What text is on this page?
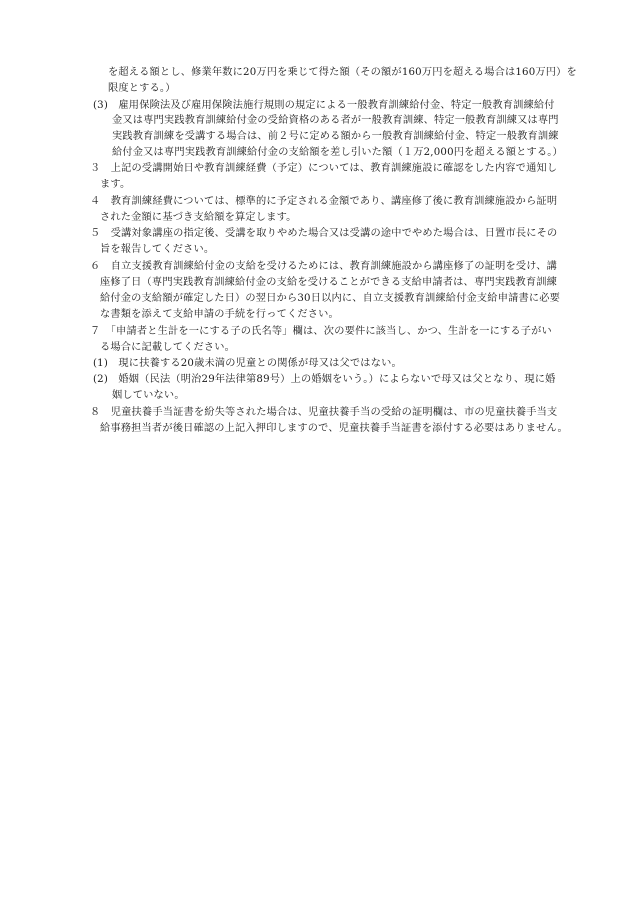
を超える額とし、修業年数に20万円を乗じて得た額（その額が160万円を超える場合は160万円）を
限度とする。）
(3)　雇用保険法及び雇用保険法施行規則の規定による一般教育訓練給付金、特定一般教育訓練給付
金又は専門実践教育訓練給付金の受給資格のある者が一般教育訓練、特定一般教育訓練又は専門
実践教育訓練を受講する場合は、前２号に定める額から一般教育訓練給付金、特定一般教育訓練
給付金又は専門実践教育訓練給付金の支給額を差し引いた額（１万2,000円を超える額とする。）
３　上記の受講開始日や教育訓練経費（予定）については、教育訓練施設に確認をした内容で通知し
ます。
４　教育訓練経費については、標準的に予定される金額であり、講座修了後に教育訓練施設から証明
された金額に基づき支給額を算定します。
５　受講対象講座の指定後、受講を取りやめた場合又は受講の途中でやめた場合は、日置市長にその
旨を報告してください。
６　自立支援教育訓練給付金の支給を受けるためには、教育訓練施設から講座修了の証明を受け、講
座修了日（専門実践教育訓練給付金の支給を受けることができる支給申請者は、専門実践教育訓練
給付金の支給額が確定した日）の翌日から30日以内に、自立支援教育訓練給付金支給申請書に必要
な書類を添えて支給申請の手続を行ってください。
７　「申請者と生計を一にする子の氏名等」欄は、次の要件に該当し、かつ、生計を一にする子がい
る場合に記載してください。
(1)　現に扶養する20歳未満の児童との関係が母又は父ではない。
(2)　婚姻（民法（明治29年法律第89号）上の婚姻をいう。）によらないで母又は父となり、現に婚
姻していない。
８　児童扶養手当証書を紛失等された場合は、児童扶養手当の受給の証明欄は、市の児童扶養手当支
給事務担当者が後日確認の上記入押印しますので、児童扶養手当証書を添付する必要はありません。
